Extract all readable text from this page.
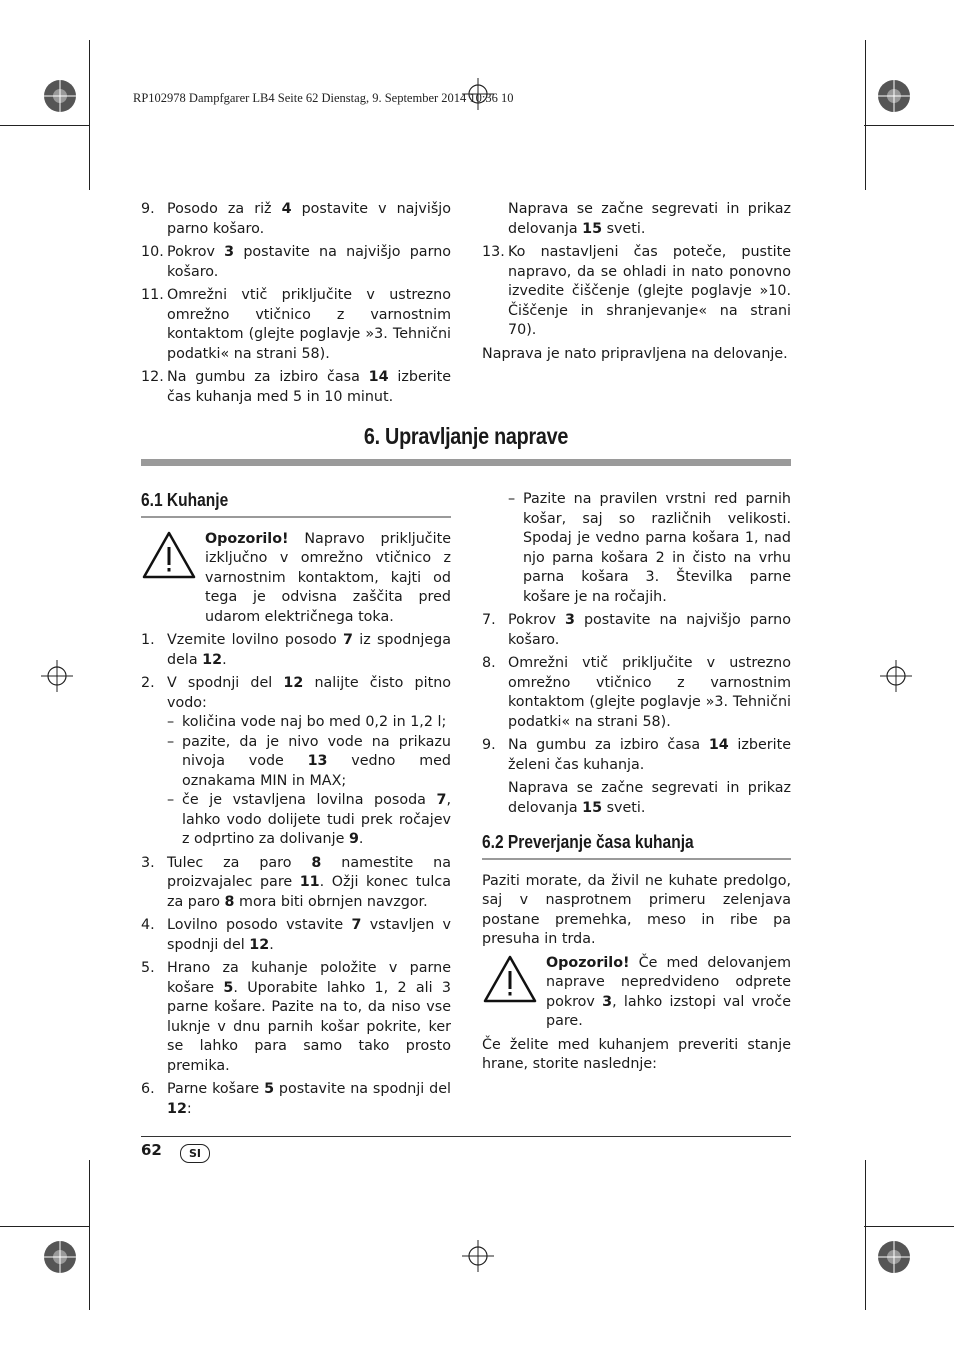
RP102978 Dampfgarer LB4 Seite 62 Dienstag, 9. September 2014 10:36 10
9. Posodo za riž 4 postavite v najvišjo parno košaro.
10. Pokrov 3 postavite na najvišjo parno košaro.
11. Omrežni vtič priključite v ustrezno omrežno vtičnico z varnostnim kontaktom (glejte poglavje »3. Tehnični podatki« na strani 58).
12. Na gumbu za izbiro časa 14 izberite čas kuhanja med 5 in 10 minut.
Naprava se začne segrevati in prikaz delovanja 15 sveti.
13. Ko nastavljeni čas poteče, pustite napravo, da se ohladi in nato ponovno izvedite čiščenje (glejte poglavje »10. Čiščenje in shranjevanje« na strani 70).
Naprava je nato pripravljena na delovanje.
6. Upravljanje naprave
6.1 Kuhanje
Opozorilo! Napravo priključite izključno v omrežno vtičnico z varnostnim kontaktom, kajti od tega je odvisna zaščita pred udarom električnega toka.
1. Vzemite lovilno posodo 7 iz spodnjega dela 12.
2. V spodnji del 12 nalijte čisto pitno vodo:
– količina vode naj bo med 0,2 in 1,2 l;
– pazite, da je nivo vode na prikazu nivoja vode 13 vedno med oznakama MIN in MAX;
– če je vstavljena lovilna posoda 7, lahko vodo dolijete tudi prek ročajev z odprtino za dolivanje 9.
3. Tulec za paro 8 namestite na proizvajalec pare 11. Ožji konec tulca za paro 8 mora biti obrnjen navzgor.
4. Lovilno posodo vstavite 7 vstavljen v spodnji del 12.
5. Hrano za kuhanje položite v parne košare 5. Uporabite lahko 1, 2 ali 3 parne košare. Pazite na to, da niso vse luknje v dnu parnih košar pokrite, ker se lahko para samo tako prosto premika.
6. Parne košare 5 postavite na spodnji del 12:
– Pazite na pravilen vrstni red parnih košar, saj so različnih velikosti. Spodaj je vedno parna košara 1, nad njo parna košara 2 in čisto na vrhu parna košara 3. Številka parne košare je na ročajih.
7. Pokrov 3 postavite na najvišjo parno košaro.
8. Omrežni vtič priključite v ustrezno omrežno vtičnico z varnostnim kontaktom (glejte poglavje »3. Tehnični podatki« na strani 58).
9. Na gumbu za izbiro časa 14 izberite želeni čas kuhanja.
Naprava se začne segrevati in prikaz delovanja 15 sveti.
6.2 Preverjanje časa kuhanja
Paziti morate, da živil ne kuhate predolgo, saj v nasprotnem primeru zelenjava postane premehka, meso in ribe pa presuha in trda.
Opozorilo! Če med delovanjem naprave nepredvideno odprete pokrov 3, lahko izstopi val vroče pare.
Če želite med kuhanjem preveriti stanje hrane, storite naslednje:
62	SI
